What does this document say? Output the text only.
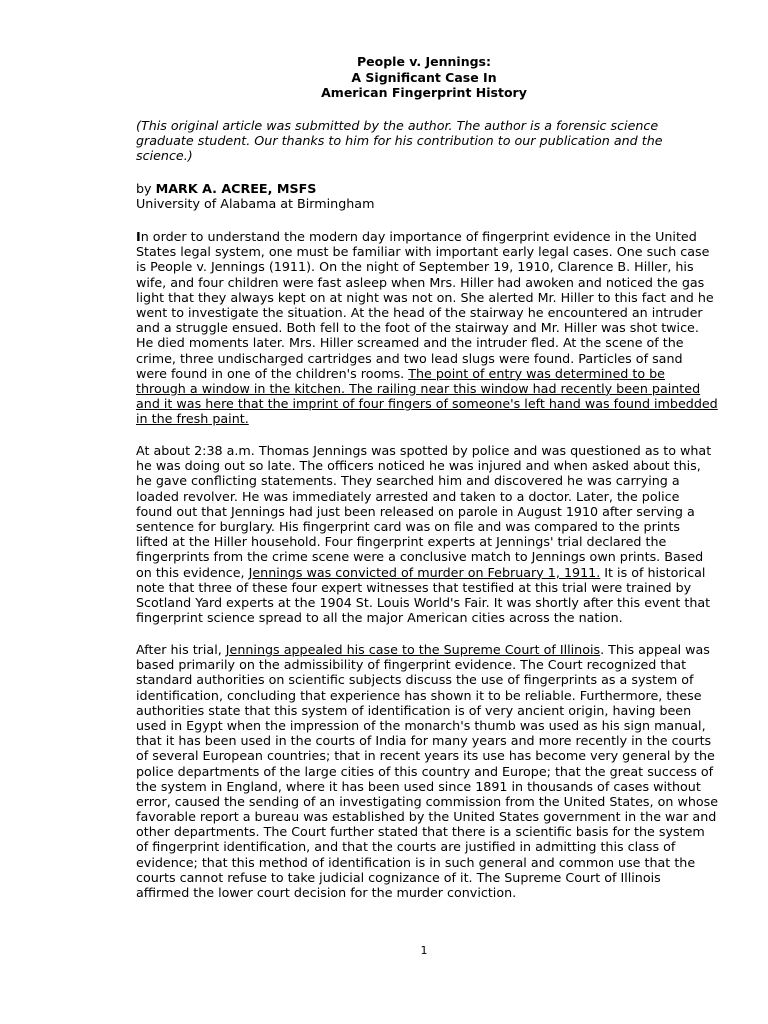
People v. Jennings:
A Significant Case In
American Fingerprint History
(This original article was submitted by the author. The author is a forensic science
graduate student. Our thanks to him for his contribution to our publication and the
science.)
by MARK A. ACREE, MSFS
University of Alabama at Birmingham
In order to understand the modern day importance of fingerprint evidence in the United
States legal system, one must be familiar with important early legal cases. One such case
is People v. Jennings (1911). On the night of September 19, 1910, Clarence B. Hiller, his
wife, and four children were fast asleep when Mrs. Hiller had awoken and noticed the gas
light that they always kept on at night was not on. She alerted Mr. Hiller to this fact and he
went to investigate the situation. At the head of the stairway he encountered an intruder
and a struggle ensued. Both fell to the foot of the stairway and Mr. Hiller was shot twice.
He died moments later. Mrs. Hiller screamed and the intruder fled. At the scene of the
crime, three undischarged cartridges and two lead slugs were found. Particles of sand
were found in one of the children's rooms. The point of entry was determined to be
through a window in the kitchen. The railing near this window had recently been painted
and it was here that the imprint of four fingers of someone's left hand was found imbedded
in the fresh paint.
At about 2:38 a.m. Thomas Jennings was spotted by police and was questioned as to what
he was doing out so late. The officers noticed he was injured and when asked about this,
he gave conflicting statements. They searched him and discovered he was carrying a
loaded revolver. He was immediately arrested and taken to a doctor. Later, the police
found out that Jennings had just been released on parole in August 1910 after serving a
sentence for burglary. His fingerprint card was on file and was compared to the prints
lifted at the Hiller household. Four fingerprint experts at Jennings' trial declared the
fingerprints from the crime scene were a conclusive match to Jennings own prints. Based
on this evidence, Jennings was convicted of murder on February 1, 1911. It is of historical
note that three of these four expert witnesses that testified at this trial were trained by
Scotland Yard experts at the 1904 St. Louis World's Fair. It was shortly after this event that
fingerprint science spread to all the major American cities across the nation.
After his trial, Jennings appealed his case to the Supreme Court of Illinois. This appeal was
based primarily on the admissibility of fingerprint evidence. The Court recognized that
standard authorities on scientific subjects discuss the use of fingerprints as a system of
identification, concluding that experience has shown it to be reliable. Furthermore, these
authorities state that this system of identification is of very ancient origin, having been
used in Egypt when the impression of the monarch's thumb was used as his sign manual,
that it has been used in the courts of India for many years and more recently in the courts
of several European countries; that in recent years its use has become very general by the
police departments of the large cities of this country and Europe; that the great success of
the system in England, where it has been used since 1891 in thousands of cases without
error, caused the sending of an investigating commission from the United States, on whose
favorable report a bureau was established by the United States government in the war and
other departments. The Court further stated that there is a scientific basis for the system
of fingerprint identification, and that the courts are justified in admitting this class of
evidence; that this method of identification is in such general and common use that the
courts cannot refuse to take judicial cognizance of it. The Supreme Court of Illinois
affirmed the lower court decision for the murder conviction.
1
